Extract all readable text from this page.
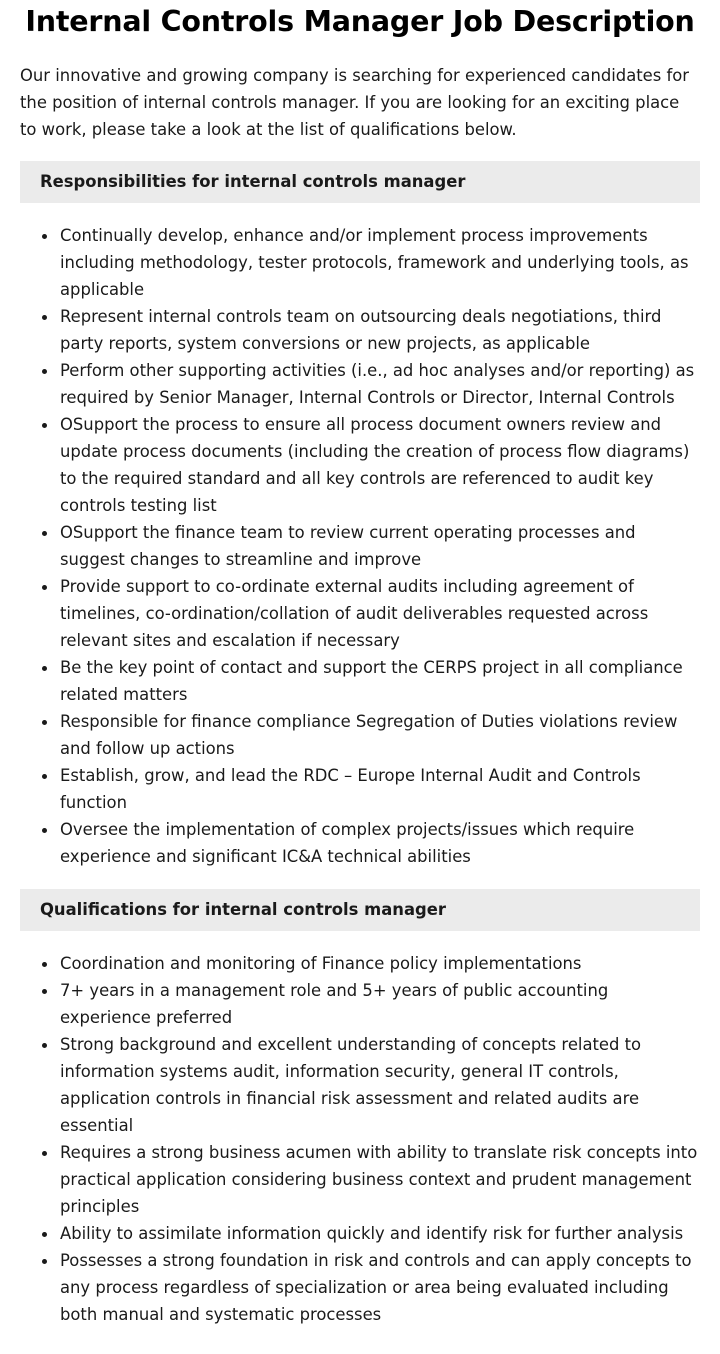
Internal Controls Manager Job Description

Our innovative and growing company is searching for experienced candidates for the position of internal controls manager. If you are looking for an exciting place to work, please take a look at the list of qualifications below.

Responsibilities for internal controls manager
Continually develop, enhance and/or implement process improvements including methodology, tester protocols, framework and underlying tools, as applicable
Represent internal controls team on outsourcing deals negotiations, third party reports, system conversions or new projects, as applicable
Perform other supporting activities (i.e., ad hoc analyses and/or reporting) as required by Senior Manager, Internal Controls or Director, Internal Controls
OSupport the process to ensure all process document owners review and update process documents (including the creation of process flow diagrams) to the required standard and all key controls are referenced to audit key controls testing list
OSupport the finance team to review current operating processes and suggest changes to streamline and improve
Provide support to co-ordinate external audits including agreement of timelines, co-ordination/collation of audit deliverables requested across relevant sites and escalation if necessary
Be the key point of contact and support the CERPS project in all compliance related matters
Responsible for finance compliance Segregation of Duties violations review and follow up actions
Establish, grow, and lead the RDC – Europe Internal Audit and Controls function
Oversee the implementation of complex projects/issues which require experience and significant IC&A technical abilities
Qualifications for internal controls manager
Coordination and monitoring of Finance policy implementations
7+ years in a management role and 5+ years of public accounting experience preferred
Strong background and excellent understanding of concepts related to information systems audit, information security, general IT controls, application controls in financial risk assessment and related audits are essential
Requires a strong business acumen with ability to translate risk concepts into practical application considering business context and prudent management principles
Ability to assimilate information quickly and identify risk for further analysis
Possesses a strong foundation in risk and controls and can apply concepts to any process regardless of specialization or area being evaluated including both manual and systematic processes
